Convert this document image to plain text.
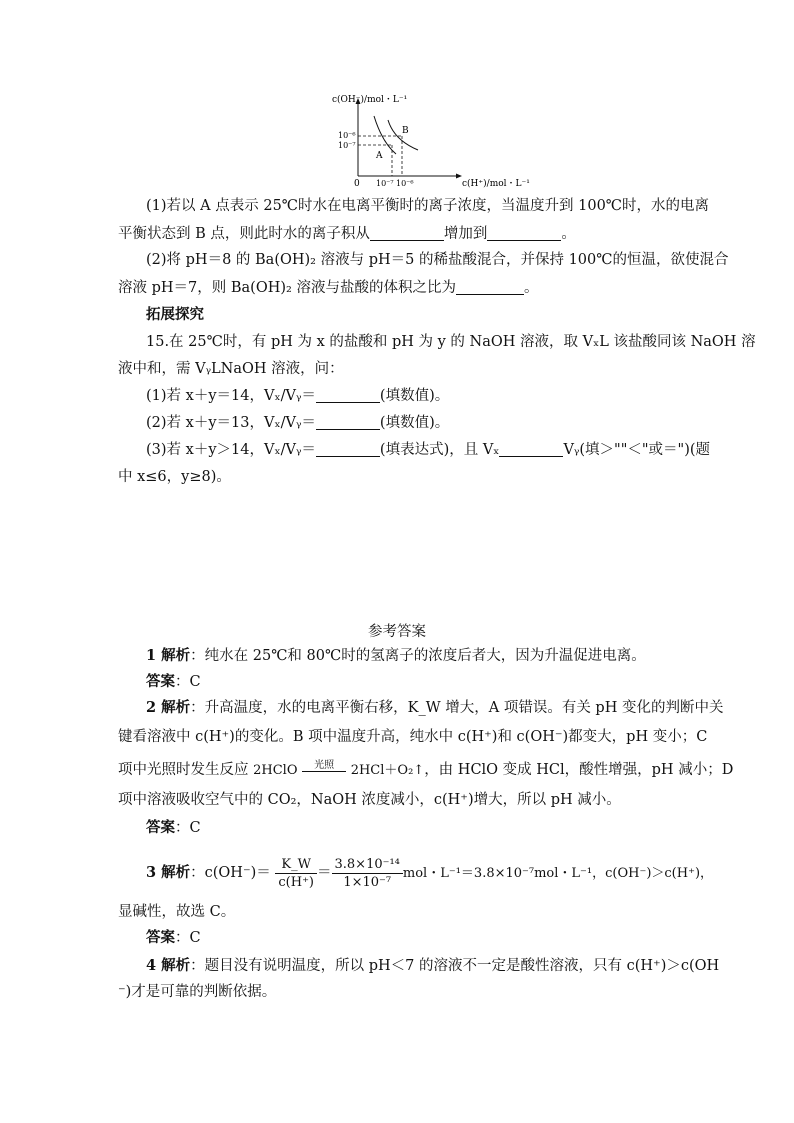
c(OH⁻)/mol・L⁻¹
c(H⁺)/mol・L⁻¹
0
10⁻⁶
10⁻⁷
10⁻⁷ 10⁻⁶
A
B
(1)若以 A 点表示 25℃时水在电离平衡时的离子浓度，当温度升到 100℃时，水的电离
平衡状态到 B 点，则此时水的离子积从	增加到	。
(2)将 pH＝8 的 Ba(OH)₂ 溶液与 pH＝5 的稀盐酸混合，并保持 100℃的恒温，欲使混合
溶液 pH＝7，则 Ba(OH)₂ 溶液与盐酸的体积之比为	。
拓展探究
15.在 25℃时，有 pH 为 x 的盐酸和 pH 为 y 的 NaOH 溶液，取 VₓL 该盐酸同该 NaOH 溶
液中和，需 VᵧLNaOH 溶液，问：
(1)若 x＋y＝14，Vₓ/Vᵧ＝	(填数值)。
(2)若 x＋y＝13，Vₓ/Vᵧ＝	(填数值)。
(3)若 x＋y＞14，Vₓ/Vᵧ＝	(填表达式)，且 Vₓ	Vᵧ(填＞""＜"或＝")(题
中 x≤6，y≥8)。
参考答案
1 解析：纯水在 25℃和 80℃时的氢离子的浓度后者大，因为升温促进电离。
答案：C
2 解析：升高温度，水的电离平衡右移，K_W 增大，A 项错误。有关 pH 变化的判断中关
键看溶液中 c(H⁺)的变化。B 项中温度升高，纯水中 c(H⁺)和 c(OH⁻)都变大，pH 变小；C
项中光照时发生反应 2HClO	光照	2HCl＋O₂↑，由 HClO 变成 HCl，酸性增强，pH 减小；D
项中溶液吸收空气中的 CO₂，NaOH 浓度减小，c(H⁺)增大，所以 pH 减小。
答案：C
3 解析：$c(OH^-)= \frac{K\_W}{c(H^+)} = \frac{\text{3.8×10⁻¹⁴}}{\text{1×10⁻⁷}}$ mol・L⁻¹＝3.8×10⁻⁷mol・L⁻¹，c(OH⁻)＞c(H⁺)，
显碱性，故选 C。
答案：C
4 解析：题目没有说明温度，所以 pH＜7 的溶液不一定是酸性溶液，只有 c(H⁺)＞c(OH
⁻)才是可靠的判断依据。
